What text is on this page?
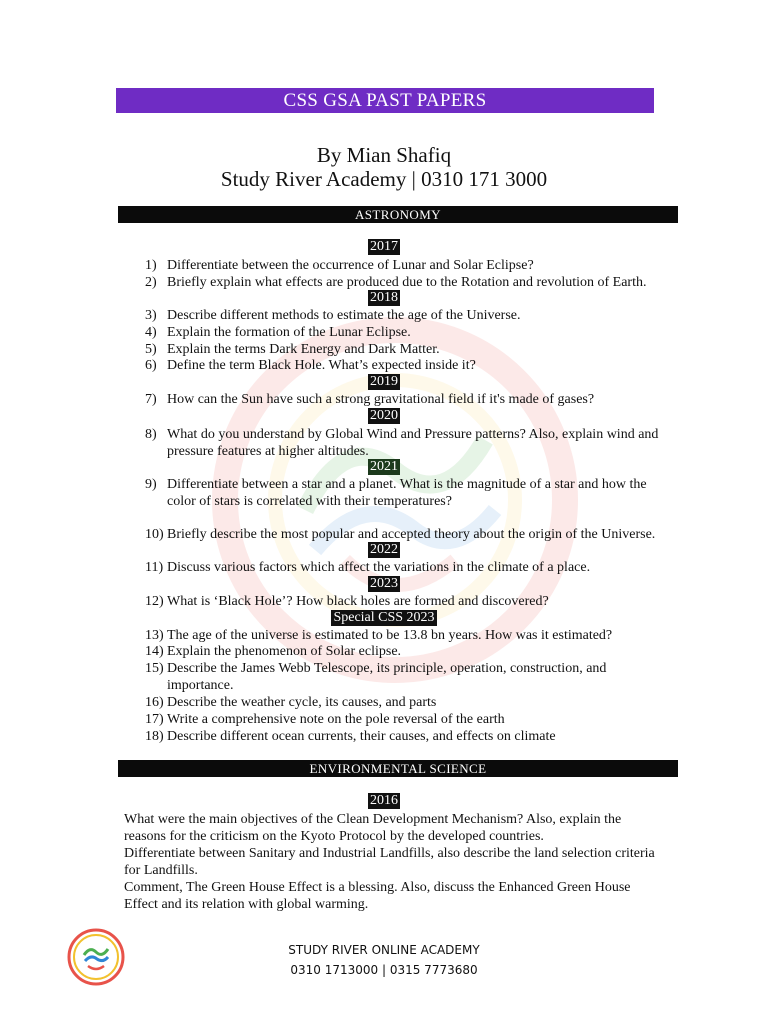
CSS GSA PAST PAPERS
By Mian Shafiq
Study River Academy | 0310 171 3000
ASTRONOMY
2017
1) Differentiate between the occurrence of Lunar and Solar Eclipse?
2) Briefly explain what effects are produced due to the Rotation and revolution of Earth.
2018
3) Describe different methods to estimate the age of the Universe.
4) Explain the formation of the Lunar Eclipse.
5) Explain the terms Dark Energy and Dark Matter.
6) Define the term Black Hole. What’s expected inside it?
2019
7) How can the Sun have such a strong gravitational field if it's made of gases?
2020
8) What do you understand by Global Wind and Pressure patterns? Also, explain wind and
pressure features at higher altitudes.
2021
9) Differentiate between a star and a planet. What is the magnitude of a star and how the
color of stars is correlated with their temperatures?
10) Briefly describe the most popular and accepted theory about the origin of the Universe.
2022
11) Discuss various factors which affect the variations in the climate of a place.
2023
12) What is ‘Black Hole’? How black holes are formed and discovered?
Special CSS 2023
13) The age of the universe is estimated to be 13.8 bn years. How was it estimated?
14) Explain the phenomenon of Solar eclipse.
15) Describe the James Webb Telescope, its principle, operation, construction, and
importance.
16) Describe the weather cycle, its causes, and parts
17) Write a comprehensive note on the pole reversal of the earth
18) Describe different ocean currents, their causes, and effects on climate
ENVIRONMENTAL SCIENCE
2016
What were the main objectives of the Clean Development Mechanism? Also, explain the
reasons for the criticism on the Kyoto Protocol by the developed countries.
Differentiate between Sanitary and Industrial Landfills, also describe the land selection criteria
for Landfills.
Comment, The Green House Effect is a blessing. Also, discuss the Enhanced Green House
Effect and its relation with global warming.
STUDY RIVER ONLINE ACADEMY
0310 1713000 | 0315 7773680
